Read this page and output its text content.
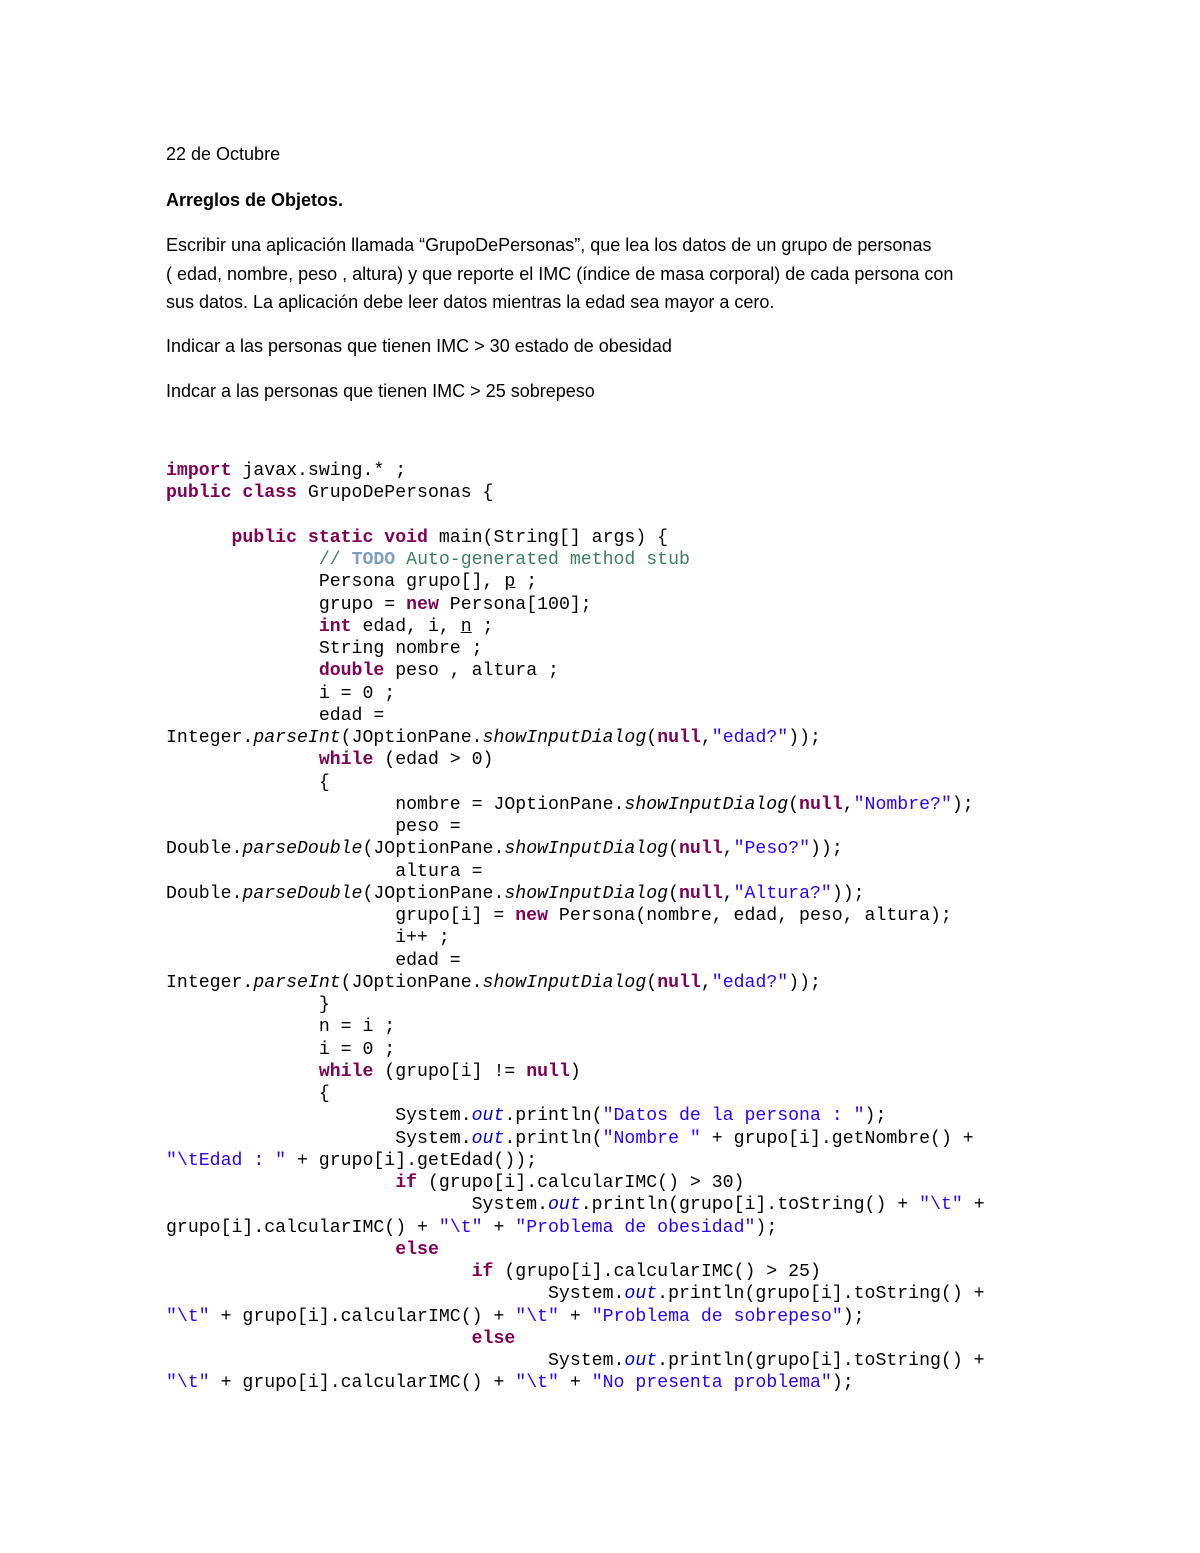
22 de Octubre

Arreglos de Objetos.

Escribir una aplicación llamada “GrupoDePersonas”, que lea los datos de un grupo de personas
( edad, nombre, peso , altura) y que reporte el IMC (índice de masa corporal) de cada persona con
sus datos. La aplicación debe leer datos mientras la edad sea mayor a cero.

Indicar a las personas que tienen IMC > 30 estado de obesidad

Indcar a las personas que tienen IMC > 25 sobrepeso

import javax.swing.* ;
public class GrupoDePersonas {
public static void main(String[] args) {
// TODO Auto-generated method stub
Persona grupo[], p ;
grupo = new Persona[100];
int edad, i, n ;
String nombre ;
double peso , altura ;
i = 0 ;
edad =
Integer.parseInt(JOptionPane.showInputDialog(null,"edad?"));
while (edad > 0)
{
nombre = JOptionPane.showInputDialog(null,"Nombre?");
peso =
Double.parseDouble(JOptionPane.showInputDialog(null,"Peso?"));
altura =
Double.parseDouble(JOptionPane.showInputDialog(null,"Altura?"));
grupo[i] = new Persona(nombre, edad, peso, altura);
i++ ;
edad =
Integer.parseInt(JOptionPane.showInputDialog(null,"edad?"));
}
n = i ;
i = 0 ;
while (grupo[i] != null)
{
System.out.println("Datos de la persona : ");
System.out.println("Nombre " + grupo[i].getNombre() +
"\tEdad : " + grupo[i].getEdad());
if (grupo[i].calcularIMC() > 30)
System.out.println(grupo[i].toString() + "\t" +
grupo[i].calcularIMC() + "\t" + "Problema de obesidad");
else
if (grupo[i].calcularIMC() > 25)
System.out.println(grupo[i].toString() +
"\t" + grupo[i].calcularIMC() + "\t" + "Problema de sobrepeso");
else
System.out.println(grupo[i].toString() +
"\t" + grupo[i].calcularIMC() + "\t" + "No presenta problema");
